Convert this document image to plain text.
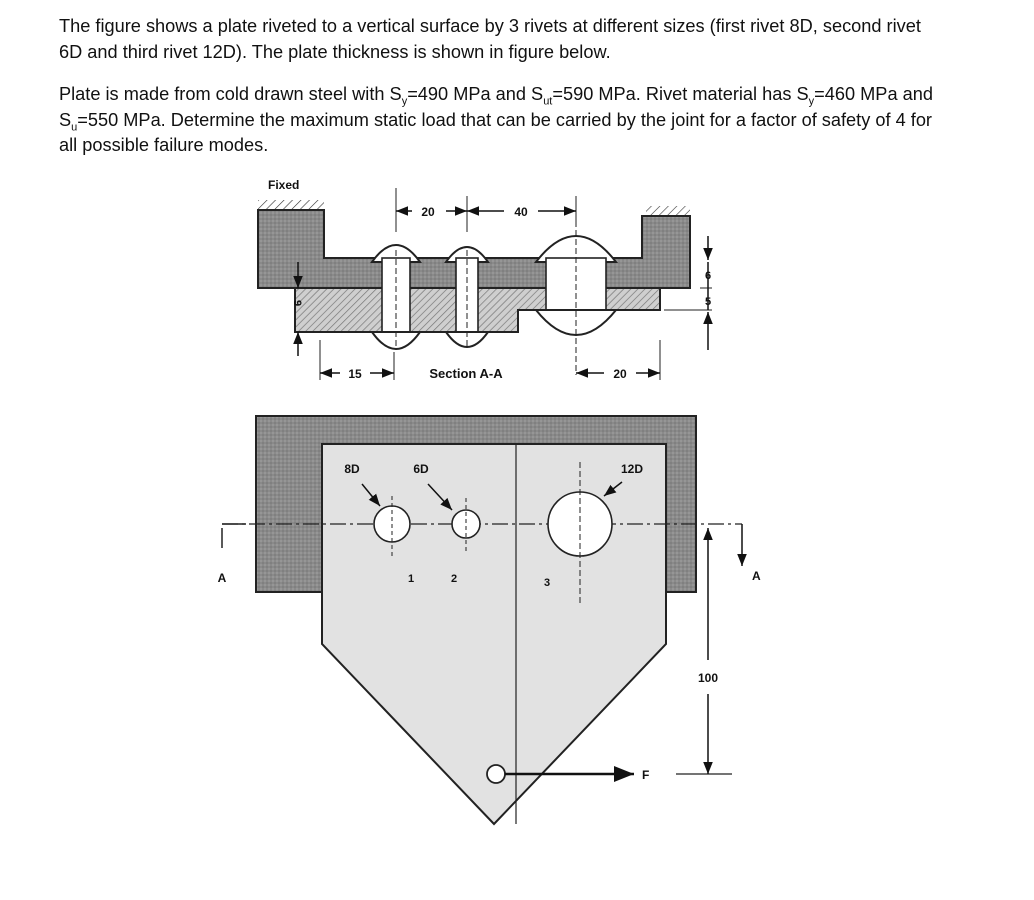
The figure shows a plate riveted to a vertical surface by 3 rivets at different sizes (first rivet 8D, second rivet 6D and third rivet 12D). The plate thickness is shown in figure below.

Plate is made from cold drawn steel with $S_y=490$ MPa and $S_{ut}=590$ MPa. Rivet material has $S_y=460$ MPa and $S_u=550$ MPa. Determine the maximum static load that can be carried by the joint for a factor of safety of 4 for all possible failure modes.

20	40
Fixed
9
6
5
15	Section A-A	20
A	A
8D	6D	12D
1	2	3
F
100
